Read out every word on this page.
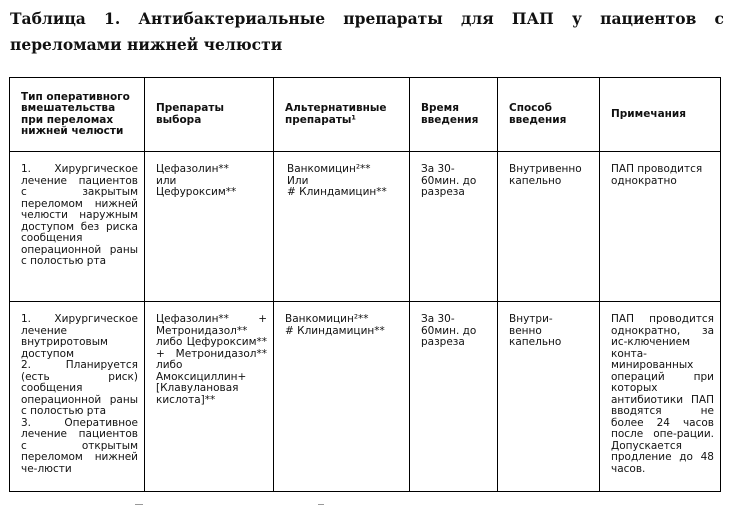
Таблица 1. Антибактериальные препараты для ПАП у пациентов с переломами нижней челюсти

Тип оперативного вмешательства при переломах нижней челюсти	Препараты выбора	Альтернативные препараты¹	Время введения	Способ введения	Примечания

1. Хирургическое лечение пациентов с закрытым переломом нижней челюсти наружным доступом без риска сообщения операционной раны с полостью рта	Цефазолин**
или
Цефуроксим**	Ванкомицин²**
Или
# Клиндамицин**	За 30-60мин. до разреза	Внутривенно капельно	ПАП проводится однократно

1. Хирургическое лечение внутриротовым доступом
2. Планируется (есть риск) сообщения операционной раны с полостью рта
3. Оперативное лечение пациентов с открытым переломом нижней че-люсти	Цефазолин** + Метронидазол** либо Цефуроксим** + Метронидазол** либо Амоксициллин+ [Клавулановая кислота]**	Ванкомицин²**
# Клиндамицин**	За 30-60мин. до разреза	Внутри-венно капельно	ПАП проводится однократно, за ис-ключением конта-минированных операций при которых антибиотики ПАП вводятся не более 24 часов после опе-рации. Допускается продление до 48 часов.
